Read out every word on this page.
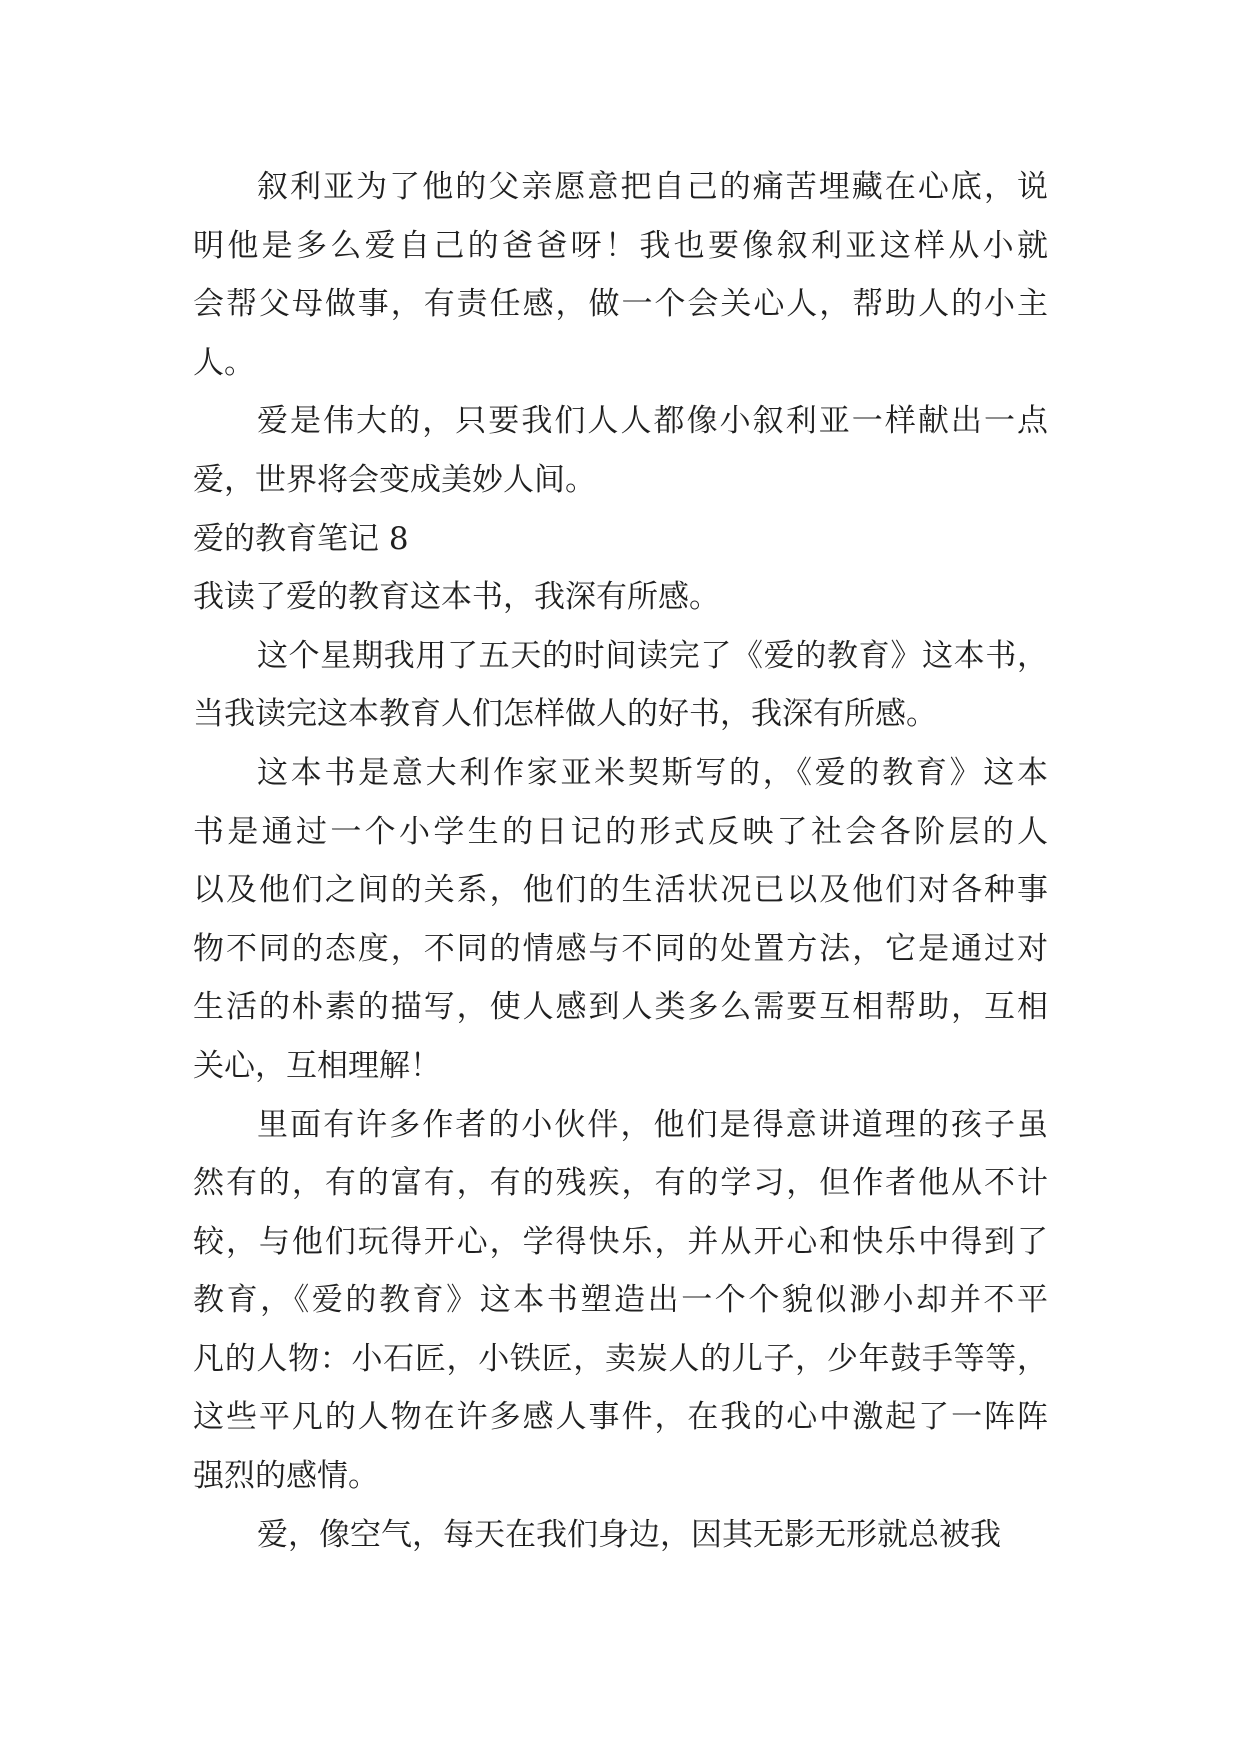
叙利亚为了他的父亲愿意把自己的痛苦埋藏在心底，说
明他是多么爱自己的爸爸呀！我也要像叙利亚这样从小就
会帮父母做事，有责任感，做一个会关心人，帮助人的小主
人。
爱是伟大的，只要我们人人都像小叙利亚一样献出一点
爱，世界将会变成美妙人间。
爱的教育笔记 8
我读了爱的教育这本书，我深有所感。
这个星期我用了五天的时间读完了《爱的教育》这本书，
当我读完这本教育人们怎样做人的好书，我深有所感。
这本书是意大利作家亚米契斯写的，《爱的教育》这本
书是通过一个小学生的日记的形式反映了社会各阶层的人
以及他们之间的关系，他们的生活状况已以及他们对各种事
物不同的态度，不同的情感与不同的处置方法，它是通过对
生活的朴素的描写，使人感到人类多么需要互相帮助，互相
关心，互相理解！
里面有许多作者的小伙伴，他们是得意讲道理的孩子虽
然有的，有的富有，有的残疾，有的学习，但作者他从不计
较，与他们玩得开心，学得快乐，并从开心和快乐中得到了
教育，《爱的教育》这本书塑造出一个个貌似渺小却并不平
凡的人物：小石匠，小铁匠，卖炭人的儿子，少年鼓手等等，
这些平凡的人物在许多感人事件，在我的心中激起了一阵阵
强烈的感情。
爱，像空气，每天在我们身边，因其无影无形就总被我
